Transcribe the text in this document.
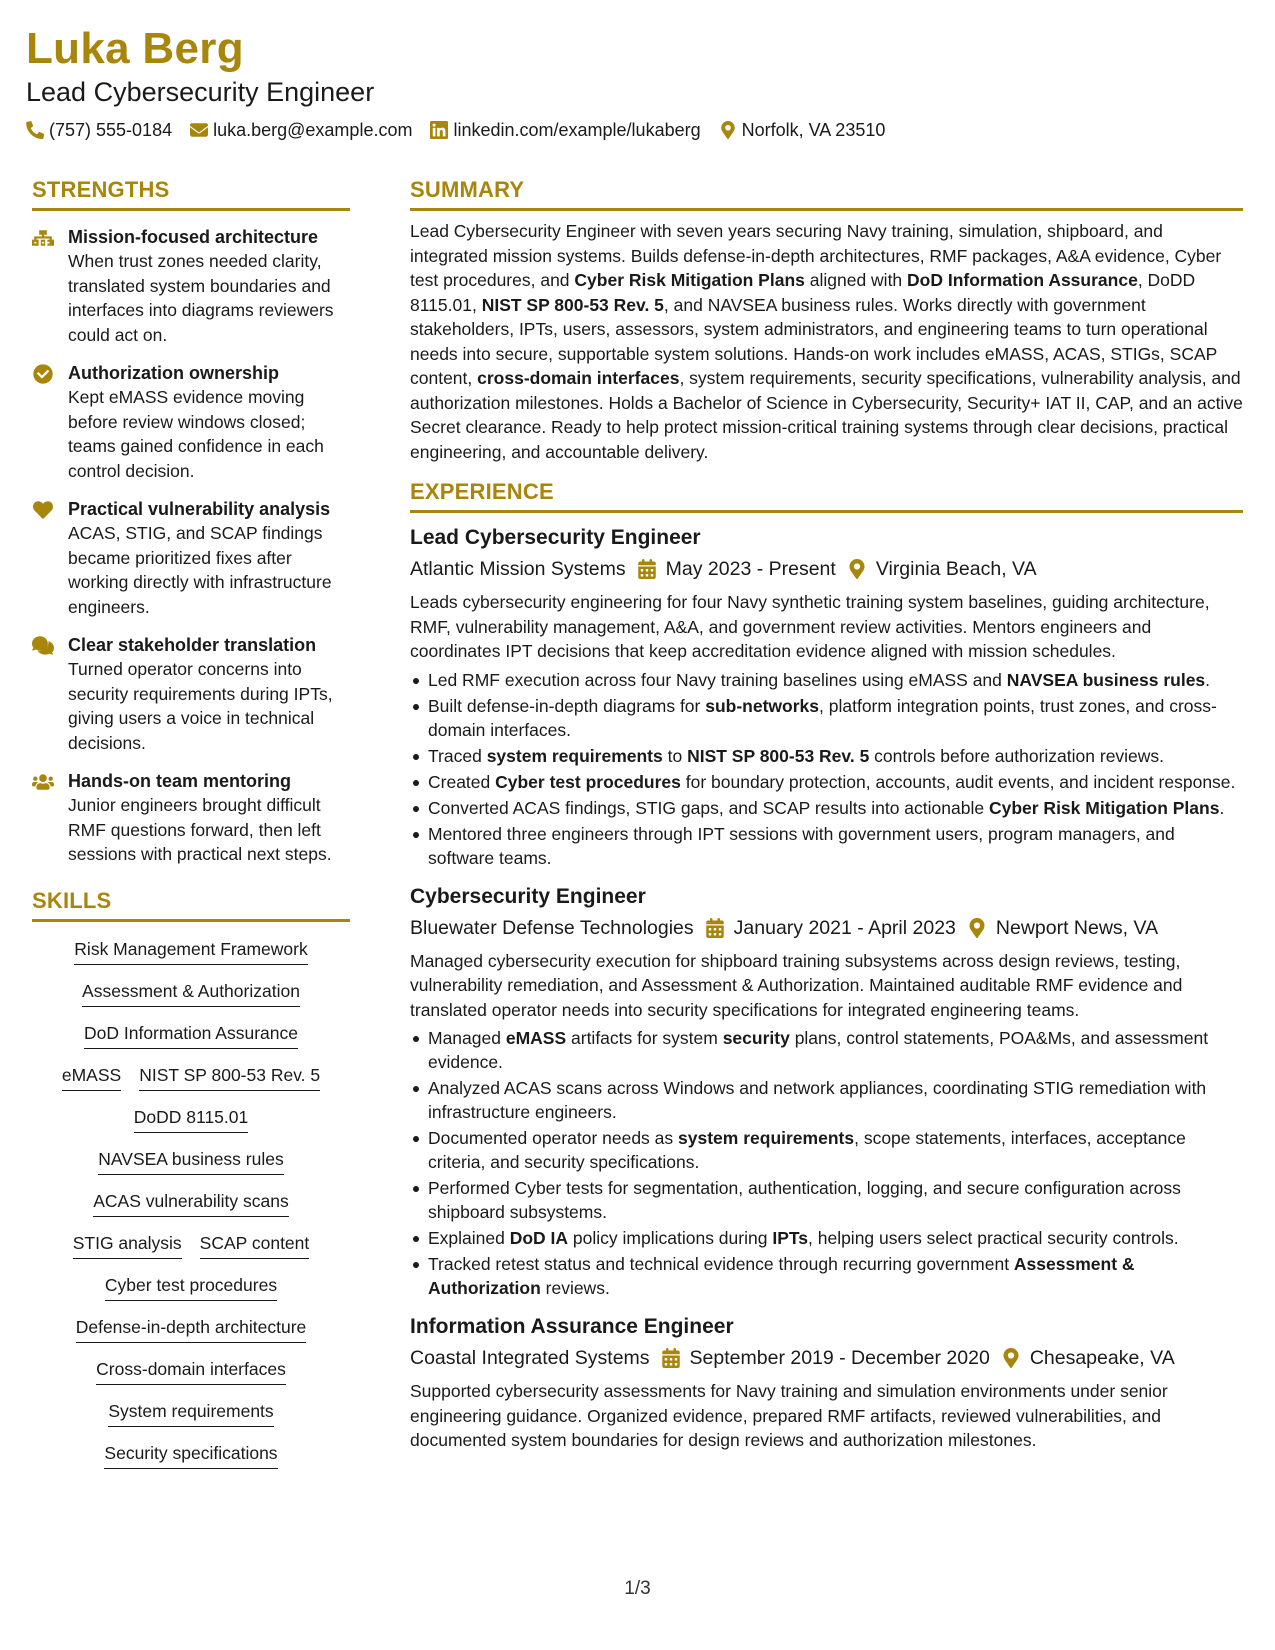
Luka Berg
Lead Cybersecurity Engineer
(757) 555-0184 luka.berg@example.com linkedin.com/example/lukaberg Norfolk, VA 23510
STRENGTHS
Mission-focused architecture
When trust zones needed clarity, translated system boundaries and interfaces into diagrams reviewers could act on.
Authorization ownership
Kept eMASS evidence moving before review windows closed; teams gained confidence in each control decision.
Practical vulnerability analysis
ACAS, STIG, and SCAP findings became prioritized fixes after working directly with infrastructure engineers.
Clear stakeholder translation
Turned operator concerns into security requirements during IPTs, giving users a voice in technical decisions.
Hands-on team mentoring
Junior engineers brought difficult RMF questions forward, then left sessions with practical next steps.
SKILLS
Risk Management Framework
Assessment & Authorization
DoD Information Assurance
eMASS NIST SP 800-53 Rev. 5
DoDD 8115.01
NAVSEA business rules
ACAS vulnerability scans
STIG analysis SCAP content
Cyber test procedures
Defense-in-depth architecture
Cross-domain interfaces
System requirements
Security specifications
SUMMARY
Lead Cybersecurity Engineer with seven years securing Navy training, simulation, shipboard, and integrated mission systems. Builds defense-in-depth architectures, RMF packages, A&A evidence, Cyber test procedures, and Cyber Risk Mitigation Plans aligned with DoD Information Assurance, DoDD 8115.01, NIST SP 800-53 Rev. 5, and NAVSEA business rules. Works directly with government stakeholders, IPTs, users, assessors, system administrators, and engineering teams to turn operational needs into secure, supportable system solutions. Hands-on work includes eMASS, ACAS, STIGs, SCAP content, cross-domain interfaces, system requirements, security specifications, vulnerability analysis, and authorization milestones. Holds a Bachelor of Science in Cybersecurity, Security+ IAT II, CAP, and an active Secret clearance. Ready to help protect mission-critical training systems through clear decisions, practical engineering, and accountable delivery.
EXPERIENCE
Lead Cybersecurity Engineer
Atlantic Mission Systems May 2023 - Present Virginia Beach, VA
Leads cybersecurity engineering for four Navy synthetic training system baselines, guiding architecture, RMF, vulnerability management, A&A, and government review activities. Mentors engineers and coordinates IPT decisions that keep accreditation evidence aligned with mission schedules.
Led RMF execution across four Navy training baselines using eMASS and NAVSEA business rules.
Built defense-in-depth diagrams for sub-networks, platform integration points, trust zones, and cross-domain interfaces.
Traced system requirements to NIST SP 800-53 Rev. 5 controls before authorization reviews.
Created Cyber test procedures for boundary protection, accounts, audit events, and incident response.
Converted ACAS findings, STIG gaps, and SCAP results into actionable Cyber Risk Mitigation Plans.
Mentored three engineers through IPT sessions with government users, program managers, and software teams.
Cybersecurity Engineer
Bluewater Defense Technologies January 2021 - April 2023 Newport News, VA
Managed cybersecurity execution for shipboard training subsystems across design reviews, testing, vulnerability remediation, and Assessment & Authorization. Maintained auditable RMF evidence and translated operator needs into security specifications for integrated engineering teams.
Managed eMASS artifacts for system security plans, control statements, POA&Ms, and assessment evidence.
Analyzed ACAS scans across Windows and network appliances, coordinating STIG remediation with infrastructure engineers.
Documented operator needs as system requirements, scope statements, interfaces, acceptance criteria, and security specifications.
Performed Cyber tests for segmentation, authentication, logging, and secure configuration across shipboard subsystems.
Explained DoD IA policy implications during IPTs, helping users select practical security controls.
Tracked retest status and technical evidence through recurring government Assessment & Authorization reviews.
Information Assurance Engineer
Coastal Integrated Systems September 2019 - December 2020 Chesapeake, VA
Supported cybersecurity assessments for Navy training and simulation environments under senior engineering guidance. Organized evidence, prepared RMF artifacts, reviewed vulnerabilities, and documented system boundaries for design reviews and authorization milestones.
1/3
